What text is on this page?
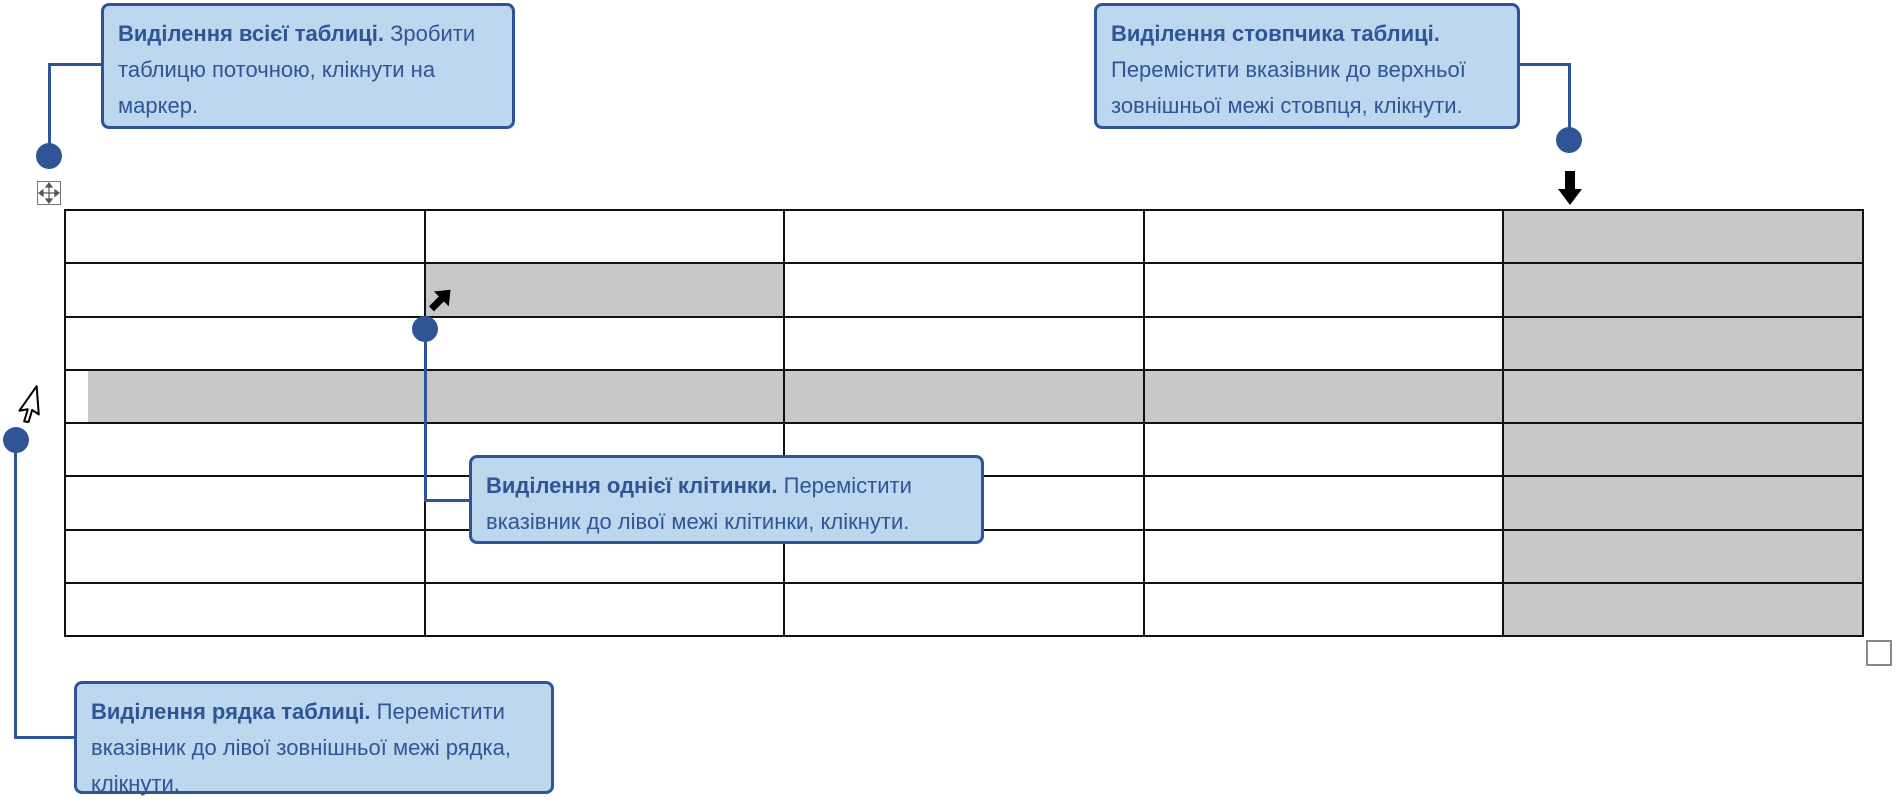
Виділення всієї таблиці. Зробити таблицю поточною, клікнути на маркер.
Виділення стовпчика таблиці. Перемістити вказівник до верхньої зовнішньої межі стовпця, клікнути.
Виділення однієї клітинки. Перемістити вказівник до лівої межі клітинки, клікнути.
Виділення рядка таблиці. Перемістити вказівник до лівої зовнішньої межі рядка, клікнути.
